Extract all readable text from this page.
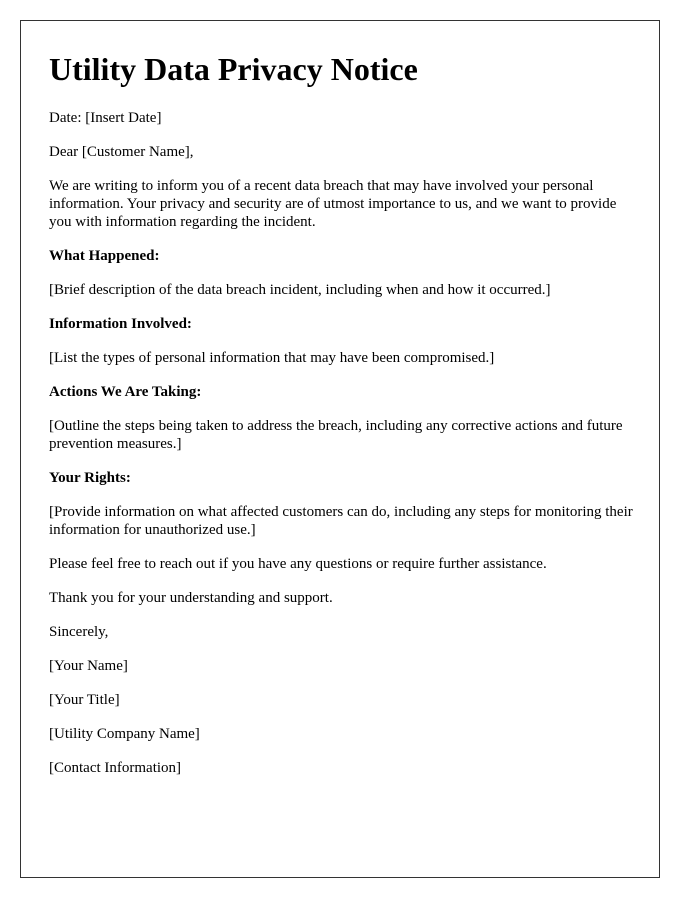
Utility Data Privacy Notice

Date: [Insert Date]

Dear [Customer Name],

We are writing to inform you of a recent data breach that may have involved your personal information. Your privacy and security are of utmost importance to us, and we want to provide you with information regarding the incident.

What Happened:

[Brief description of the data breach incident, including when and how it occurred.]

Information Involved:

[List the types of personal information that may have been compromised.]

Actions We Are Taking:

[Outline the steps being taken to address the breach, including any corrective actions and future prevention measures.]

Your Rights:

[Provide information on what affected customers can do, including any steps for monitoring their information for unauthorized use.]

Please feel free to reach out if you have any questions or require further assistance.

Thank you for your understanding and support.

Sincerely,

[Your Name]

[Your Title]

[Utility Company Name]

[Contact Information]
